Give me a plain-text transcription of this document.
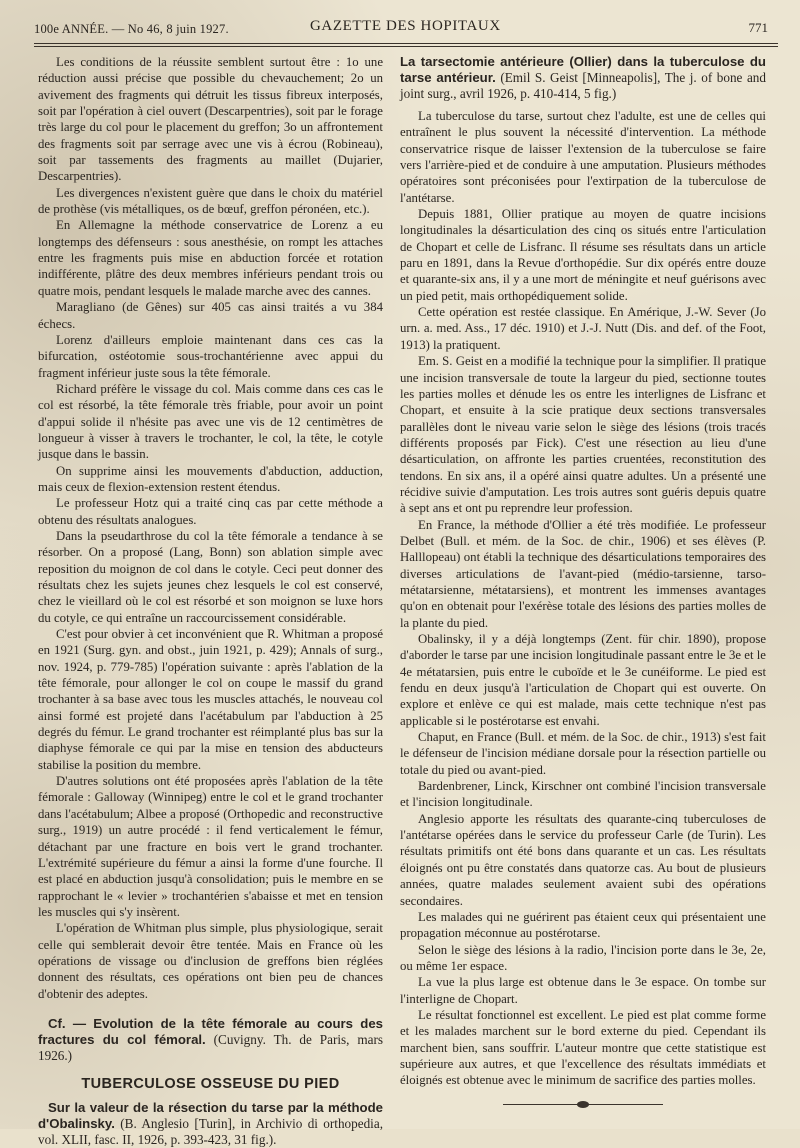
100e ANNÉE. — No 46, 8 juin 1927.	GAZETTE DES HOPITAUX	771

Les conditions de la réussite semblent surtout être : 1o une réduction aussi précise que possible du chevauchement; 2o un avivement des fragments qui détruit les tissus fibreux interposés, soit par l'opération à ciel ouvert (Descarpentries), soit par le forage très large du col pour le placement du greffon; 3o un affrontement des fragments soit par serrage avec une vis à écrou (Robineau), soit par tassements des fragments au maillet (Dujarier, Descarpentries).

Les divergences n'existent guère que dans le choix du matériel de prothèse (vis métalliques, os de bœuf, greffon péronéen, etc.).

En Allemagne la méthode conservatrice de Lorenz a eu longtemps des défenseurs : sous anesthésie, on rompt les attaches entre les fragments puis mise en abduction forcée et rotation indifférente, plâtre des deux membres inférieurs pendant trois ou quatre mois, pendant lesquels le malade marche avec des cannes.

Maragliano (de Gênes) sur 405 cas ainsi traités a vu 384 échecs.

Lorenz d'ailleurs emploie maintenant dans ces cas la bifurcation, ostéotomie sous-trochantérienne avec appui du fragment inférieur juste sous la tête fémorale.

Richard préfère le vissage du col. Mais comme dans ces cas le col est résorbé, la tête fémorale très friable, pour avoir un point d'appui solide il n'hésite pas avec une vis de 12 centimètres de longueur à visser à travers le trochanter, le col, la tête, le cotyle jusque dans le bassin.

On supprime ainsi les mouvements d'abduction, adduction, mais ceux de flexion-extension restent étendus.

Le professeur Hotz qui a traité cinq cas par cette méthode a obtenu des résultats analogues.

Dans la pseudarthrose du col la tête fémorale a tendance à se résorber. On a proposé (Lang, Bonn) son ablation simple avec reposition du moignon de col dans le cotyle. Ceci peut donner des résultats chez les sujets jeunes chez lesquels le col est conservé, chez le vieillard où le col est résorbé et son moignon se luxe hors du cotyle, ce qui entraîne un raccourcissement considérable.

C'est pour obvier à cet inconvénient que R. Whitman a proposé en 1921 (Surg. gyn. and obst., juin 1921, p. 429); Annals of surg., nov. 1924, p. 779-785) l'opération suivante : après l'ablation de la tête fémorale, pour allonger le col on coupe le massif du grand trochanter à sa base avec tous les muscles attachés, le nouveau col ainsi formé est projeté dans l'acétabulum par l'abduction à 25 degrés du fémur. Le grand trochanter est réimplanté plus bas sur la diaphyse fémorale ce qui par la mise en tension des abducteurs stabilise la position du membre.

D'autres solutions ont été proposées après l'ablation de la tête fémorale : Galloway (Winnipeg) entre le col et le grand trochanter dans l'acétabulum; Albee a proposé (Orthopedic and reconstructive surg., 1919) un autre procédé : il fend verticalement le fémur, détachant par une fracture en bois vert le grand trochanter. L'extrémité supérieure du fémur a ainsi la forme d'une fourche. Il est placé en abduction jusqu'à consolidation; puis le membre en se rapprochant le « levier » trochantérien s'abaisse et met en tension les muscles qui s'y insèrent.

L'opération de Whitman plus simple, plus physiologique, serait celle qui semblerait devoir être tentée. Mais en France où les opérations de vissage ou d'inclusion de greffons bien réglées donnent des résultats, ces opérations ont bien peu de chances d'obtenir des adeptes.

Cf. — Evolution de la tête fémorale au cours des fractures du col fémoral. (Cuvigny. Th. de Paris, mars 1926.)

TUBERCULOSE OSSEUSE DU PIED

Sur la valeur de la résection du tarse par la méthode d'Obalinsky. (B. Anglesio [Turin], in Archivio di orthopedia, vol. XLII, fasc. II, 1926, p. 393-423, 31 fig.).

La tarsectomie antérieure (Ollier) dans la tuberculose du tarse antérieur. (Emil S. Geist [Minneapolis], The j. of bone and joint surg., avril 1926, p. 410-414, 5 fig.)

La tuberculose du tarse, surtout chez l'adulte, est une de celles qui entraînent le plus souvent la nécessité d'intervention. La méthode conservatrice risque de laisser l'extension de la tuberculose se faire vers l'arrière-pied et de conduire à une amputation. Plusieurs méthodes opératoires sont préconisées pour l'extirpation de la tuberculose de l'antétarse.

Depuis 1881, Ollier pratique au moyen de quatre incisions longitudinales la désarticulation des cinq os situés entre l'articulation de Chopart et celle de Lisfranc. Il résume ses résultats dans un article paru en 1891, dans la Revue d'orthopédie. Sur dix opérés entre douze et quarante-six ans, il y a une mort de méningite et neuf guérisons avec un pied petit, mais orthopédiquement solide.

Cette opération est restée classique. En Amérique, J.-W. Sever (Jo urn. a. med. Ass., 17 déc. 1910) et J.-J. Nutt (Dis. and def. of the Foot, 1913) la pratiquent.

Em. S. Geist en a modifié la technique pour la simplifier. Il pratique une incision transversale de toute la largeur du pied, sectionne toutes les parties molles et dénude les os entre les interlignes de Lisfranc et Chopart, et ensuite à la scie pratique deux sections transversales parallèles dont le niveau varie selon le siège des lésions (trois tracés différents proposés par Fick). C'est une résection au lieu d'une désarticulation, on affronte les parties cruentées, reconstitution des tendons. En six ans, il a opéré ainsi quatre adultes. Un a présenté une récidive suivie d'amputation. Les trois autres sont guéris depuis quatre à sept ans et ont pu reprendre leur profession.

En France, la méthode d'Ollier a été très modifiée. Le professeur Delbet (Bull. et mém. de la Soc. de chir., 1906) et ses élèves (P. Halllopeau) ont établi la technique des désarticulations temporaires des diverses articulations de l'avant-pied (médio-tarsienne, tarso-métatarsienne, métatarsiens), et montrent les immenses avantages qu'on en obtenait pour l'exérèse totale des lésions des parties molles de la plante du pied.

Obalinsky, il y a déjà longtemps (Zent. für chir. 1890), propose d'aborder le tarse par une incision longitudinale passant entre le 3e et le 4e métatarsien, puis entre le cuboïde et le 3e cunéiforme. Le pied est fendu en deux jusqu'à l'articulation de Chopart qui est ouverte. On explore et enlève ce qui est malade, mais cette technique n'est pas applicable si le postérotarse est envahi.

Chaput, en France (Bull. et mém. de la Soc. de chir., 1913) s'est fait le défenseur de l'incision médiane dorsale pour la résection partielle ou totale du pied ou avant-pied.

Bardenbrener, Linck, Kirschner ont combiné l'incision transversale et l'incision longitudinale.

Anglesio apporte les résultats des quarante-cinq tuberculoses de l'antétarse opérées dans le service du professeur Carle (de Turin). Les résultats primitifs ont été bons dans quarante et un cas. Les résultats éloignés ont pu être constatés dans quatorze cas. Au bout de plusieurs années, quatre malades seulement avaient subi des opérations secondaires.

Les malades qui ne guérirent pas étaient ceux qui présentaient une propagation méconnue au postérotarse.

Selon le siège des lésions à la radio, l'incision porte dans le 3e, 2e, ou même 1er espace.

La vue la plus large est obtenue dans le 3e espace. On tombe sur l'interligne de Chopart.

Le résultat fonctionnel est excellent. Le pied est plat comme forme et les malades marchent sur le bord externe du pied. Cependant ils marchent bien, sans souffrir. L'auteur montre que cette statistique est supérieure aux autres, et que l'excellence des résultats immédiats et éloignés est obtenue avec le minimum de sacrifice des parties molles.
